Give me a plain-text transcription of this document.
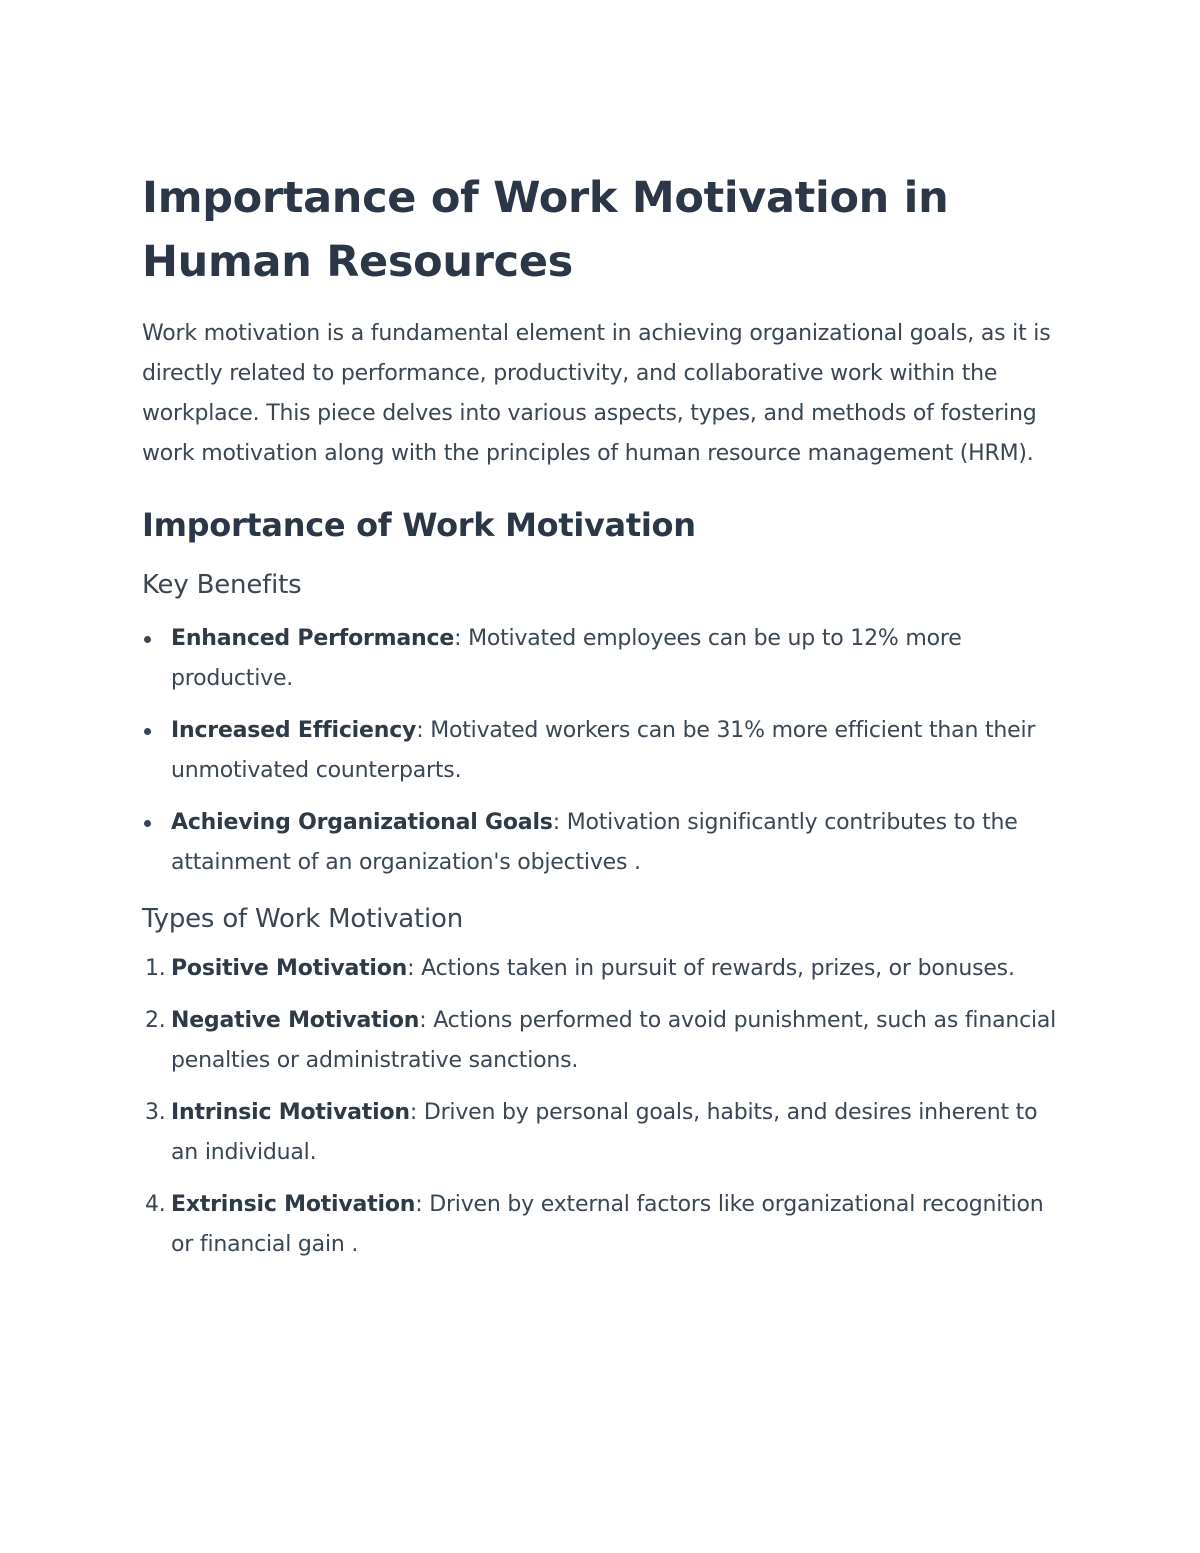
Importance of Work Motivation in Human Resources

Work motivation is a fundamental element in achieving organizational goals, as it is directly related to performance, productivity, and collaborative work within the workplace. This piece delves into various aspects, types, and methods of fostering work motivation along with the principles of human resource management (HRM).

Importance of Work Motivation
Key Benefits
Enhanced Performance: Motivated employees can be up to 12% more productive.
Increased Efficiency: Motivated workers can be 31% more efficient than their unmotivated counterparts.
Achieving Organizational Goals: Motivation significantly contributes to the attainment of an organization's objectives .
Types of Work Motivation
1. Positive Motivation: Actions taken in pursuit of rewards, prizes, or bonuses.
2. Negative Motivation: Actions performed to avoid punishment, such as financial penalties or administrative sanctions.
3. Intrinsic Motivation: Driven by personal goals, habits, and desires inherent to an individual.
4. Extrinsic Motivation: Driven by external factors like organizational recognition or financial gain .
